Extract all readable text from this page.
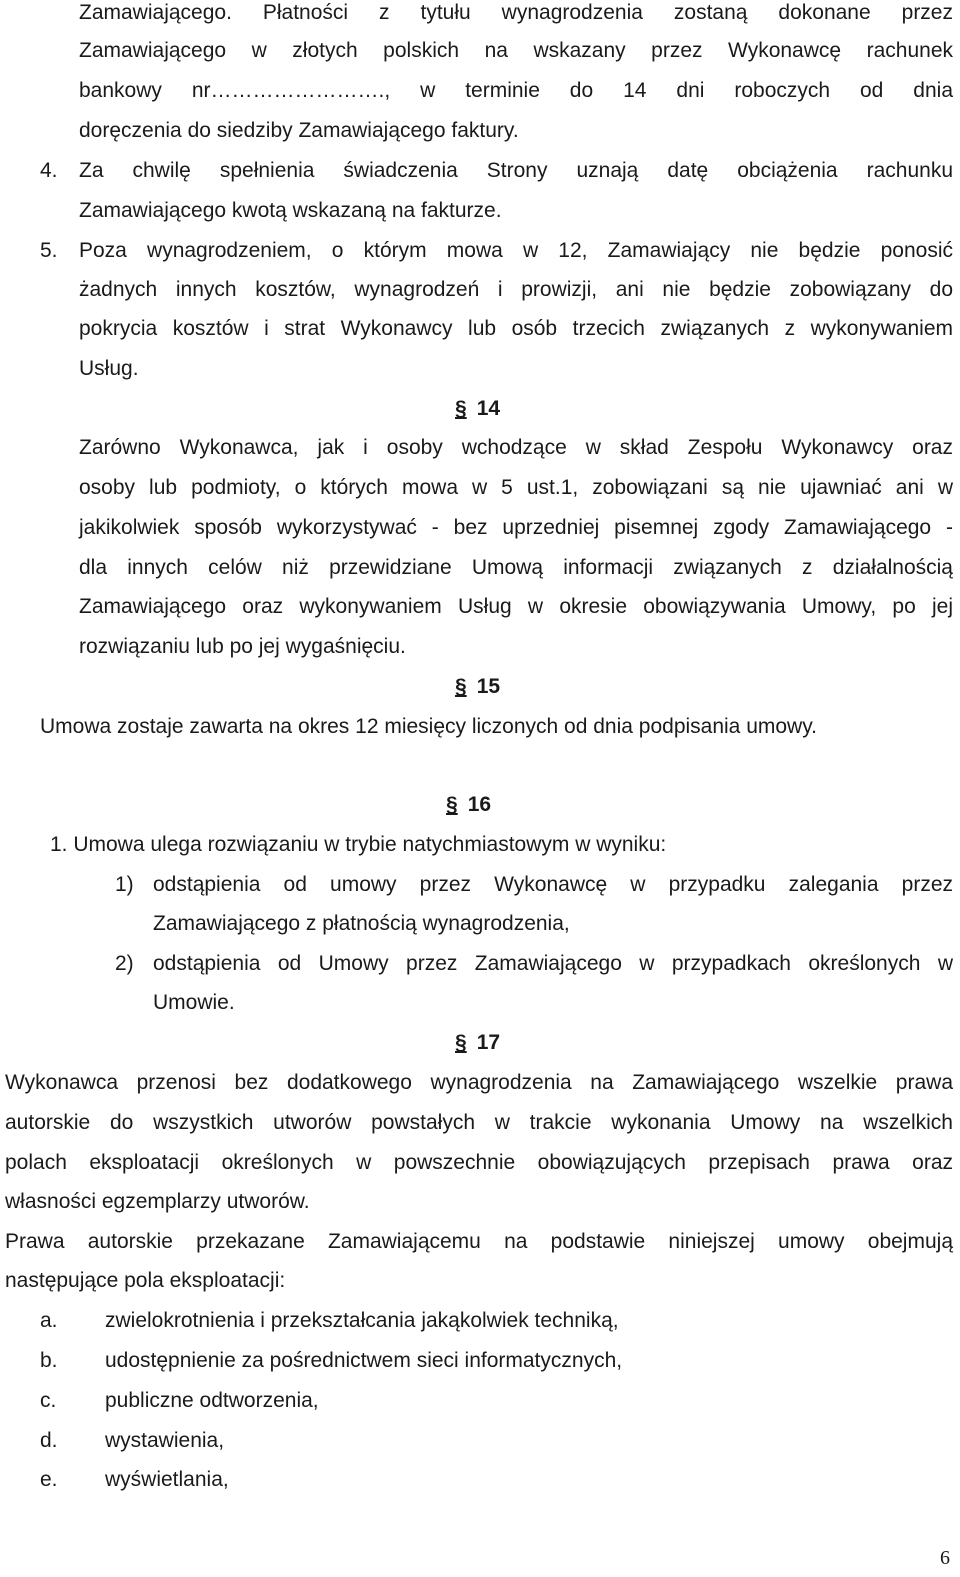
Zamawiającego. Płatności z tytułu wynagrodzenia zostaną dokonane przez
Zamawiającego w złotych polskich na wskazany przez Wykonawcę rachunek
bankowy nr……………………., w terminie do 14 dni roboczych od dnia
doręczenia do siedziby Zamawiającego faktury.
4. Za chwilę spełnienia świadczenia Strony uznają datę obciążenia rachunku
Zamawiającego kwotą wskazaną na fakturze.
5. Poza wynagrodzeniem, o którym mowa w 12, Zamawiający nie będzie ponosić
żadnych innych kosztów, wynagrodzeń i prowizji, ani nie będzie zobowiązany do
pokrycia kosztów i strat Wykonawcy lub osób trzecich związanych z wykonywaniem
Usług.
§ 14
Zarówno Wykonawca, jak i osoby wchodzące w skład Zespołu Wykonawcy oraz
osoby lub podmioty, o których mowa w 5 ust.1, zobowiązani są nie ujawniać ani w
jakikolwiek sposób wykorzystywać - bez uprzedniej pisemnej zgody Zamawiającego -
dla innych celów niż przewidziane Umową informacji związanych z działalnością
Zamawiającego oraz wykonywaniem Usług w okresie obowiązywania Umowy, po jej
rozwiązaniu lub po jej wygaśnięciu.
§ 15
Umowa zostaje zawarta na okres 12 miesięcy liczonych od dnia podpisania umowy.
§ 16
1. Umowa ulega rozwiązaniu w trybie natychmiastowym w wyniku:
1) odstąpienia od umowy przez Wykonawcę w przypadku zalegania przez
Zamawiającego z płatnością wynagrodzenia,
2) odstąpienia od Umowy przez Zamawiającego w przypadkach określonych w
Umowie.
§ 17
Wykonawca przenosi bez dodatkowego wynagrodzenia na Zamawiającego wszelkie prawa
autorskie do wszystkich utworów powstałych w trakcie wykonania Umowy na wszelkich
polach eksploatacji określonych w powszechnie obowiązujących przepisach prawa oraz
własności egzemplarzy utworów.
Prawa autorskie przekazane Zamawiającemu na podstawie niniejszej umowy obejmują
następujące pola eksploatacji:
a. zwielokrotnienia i przekształcania jakąkolwiek techniką,
b. udostępnienie za pośrednictwem sieci informatycznych,
c. publiczne odtworzenia,
d. wystawienia,
e. wyświetlania,
6
